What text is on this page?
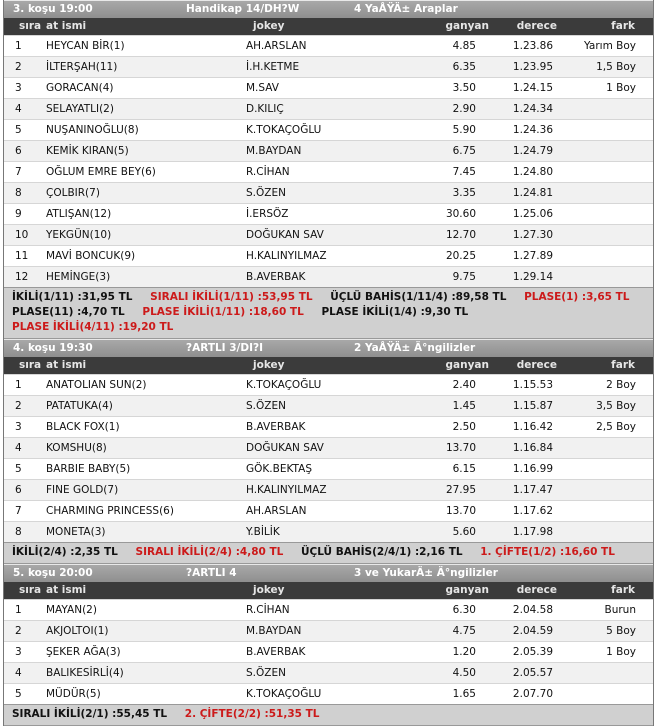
3. koşu 19:00	Handikap 14/DH?W	4 YaÅŸÄ± Araplar
sıra at ismi	jokey	ganyan	derece	fark
1 HEYCAN BİR(1)	AH.ARSLAN	4.85	1.23.86	Yarım Boy
2 İLTERŞAH(11)	İ.H.KETME	6.35	1.23.95	1,5 Boy
3 GORACAN(4)	M.SAV	3.50	1.24.15	1 Boy
4 SELAYATLI(2)	D.KILIÇ	2.90	1.24.34
5 NUŞANINOĞLU(8)	K.TOKAÇOĞLU	5.90	1.24.36
6 KEMİK KIRAN(5)	M.BAYDAN	6.75	1.24.79
7 OĞLUM EMRE BEY(6)	R.CİHAN	7.45	1.24.80
8 ÇOLBIR(7)	S.ÖZEN	3.35	1.24.81
9 ATLIŞAN(12)	İ.ERSÖZ	30.60	1.25.06
10 YEKGÜN(10)	DOĞUKAN SAV	12.70	1.27.30
11 MAVİ BONCUK(9)	H.KALINYILMAZ	20.25	1.27.89
12 HEMİNGE(3)	B.AVERBAK	9.75	1.29.14
İKİLİ(1/11) :31,95 TL SIRALI İKİLİ(1/11) :53,95 TL ÜÇLÜ BAHİS(1/11/4) :89,58 TL PLASE(1) :3,65 TL PLASE(11) :4,70 TL PLASE İKİLİ(1/11) :18,60 TL PLASE İKİLİ(1/4) :9,30 TL PLASE İKİLİ(4/11) :19,20 TL
4. koşu 19:30	?ARTLI 3/DI?I	2 YaÅŸÄ± Ä°ngilizler
sıra at ismi	jokey	ganyan	derece	fark
1 ANATOLIAN SUN(2)	K.TOKAÇOĞLU	2.40	1.15.53	2 Boy
2 PATATUKA(4)	S.ÖZEN	1.45	1.15.87	3,5 Boy
3 BLACK FOX(1)	B.AVERBAK	2.50	1.16.42	2,5 Boy
4 KOMSHU(8)	DOĞUKAN SAV	13.70	1.16.84
5 BARBIE BABY(5)	GÖK.BEKTAŞ	6.15	1.16.99
6 FINE GOLD(7)	H.KALINYILMAZ	27.95	1.17.47
7 CHARMING PRINCESS(6)	AH.ARSLAN	13.70	1.17.62
8 MONETA(3)	Y.BİLİK	5.60	1.17.98
İKİLİ(2/4) :2,35 TL SIRALI İKİLİ(2/4) :4,80 TL ÜÇLÜ BAHİS(2/4/1) :2,16 TL 1. ÇİFTE(1/2) :16,60 TL
5. koşu 20:00	?ARTLI 4	3 ve YukarÄ± Ä°ngilizler
sıra at ismi	jokey	ganyan	derece	fark
1 MAYAN(2)	R.CİHAN	6.30	2.04.58	Burun
2 AKJOLTOI(1)	M.BAYDAN	4.75	2.04.59	5 Boy
3 ŞEKER AĞA(3)	B.AVERBAK	1.20	2.05.39	1 Boy
4 BALIKESİRLİ(4)	S.ÖZEN	4.50	2.05.57
5 MÜDÜR(5)	K.TOKAÇOĞLU	1.65	2.07.70
SIRALI İKİLİ(2/1) :55,45 TL 2. ÇİFTE(2/2) :51,35 TL
